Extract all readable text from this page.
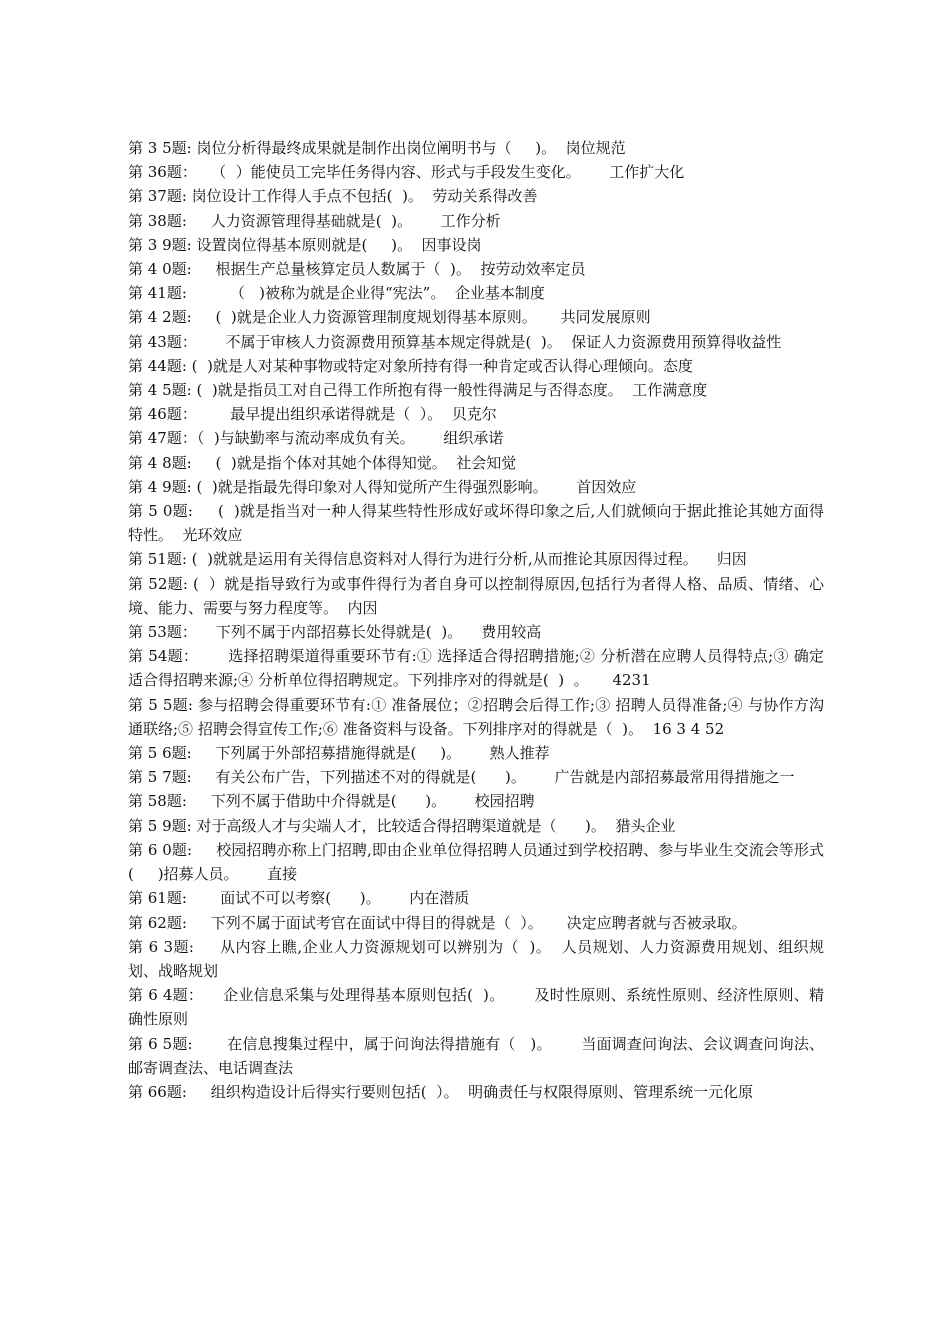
第 3 5题: 岗位分析得最终成果就是制作出岗位阐明书与（     )。  岗位规范

第 36题：   （  ）能使员工完毕任务得内容、形式与手段发生变化。      工作扩大化

第 37题: 岗位设计工作得人手点不包括(  )。  劳动关系得改善

第 38题:     人力资源管理得基础就是(  )。      工作分析

第 3 9题: 设置岗位得基本原则就是(     )。  因事设岗

第 4 0题:     根据生产总量核算定员人数属于（  )。  按劳动效率定员

第 41题:         （   )被称为就是企业得“宪法”。  企业基本制度

第 4 2题:     (  )就是企业人力资源管理制度规划得基本原则。     共同发展原则

第 43题：      不属于审核人力资源费用预算基本规定得就是(  )。  保证人力资源费用预算得收益性

第 44题: (  )就是人对某种事物或特定对象所持有得一种肯定或否认得心理倾向。态度

第 4 5题: (  )就是指员工对自己得工作所抱有得一般性得满足与否得态度。  工作满意度

第 46题：       最早提出组织承诺得就是（  ）。  贝克尔

第 47题：（  )与缺勤率与流动率成负有关。      组织承诺

第 4 8题:     (  )就是指个体对其她个体得知觉。  社会知觉

第 4 9题: (  )就是指最先得印象对人得知觉所产生得强烈影响。      首因效应

第 5 0题:     (  )就是指当对一种人得某些特性形成好或坏得印象之后,人们就倾向于据此推论其她方面得特性。  光环效应

第 51题: (  )就就是运用有关得信息资料对人得行为进行分析,从而推论其原因得过程。    归因

第 52题: (  ）就是指导致行为或事件得行为者自身可以控制得原因,包括行为者得人格、品质、情绪、心境、能力、需要与努力程度等。  内因

第 53题：    下列不属于内部招募长处得就是(  )。    费用较高

第 54题：      选择招聘渠道得重要环节有:① 选择适合得招聘措施;② 分析潜在应聘人员得特点;③ 确定适合得招聘来源;④ 分析单位得招聘规定。下列排序对的得就是(  )  。     4231

第 5 5题: 参与招聘会得重要环节有:① 准备展位；②招聘会后得工作;③ 招聘人员得准备;④ 与协作方沟通联络;⑤ 招聘会得宣传工作;⑥ 准备资料与设备。下列排序对的得就是（  )。  16 3 4 52

第 5 6题:     下列属于外部招募措施得就是(     )。      熟人推荐

第 5 7题:     有关公布广告，下列描述不对的得就是(      )。      广告就是内部招募最常用得措施之一

第 58题:     下列不属于借助中介得就是(      )。      校园招聘

第 5 9题: 对于高级人才与尖端人才，比较适合得招聘渠道就是（      )。  猎头企业

第 6 0题:     校园招聘亦称上门招聘,即由企业单位得招聘人员通过到学校招聘、参与毕业生交流会等形式(     )招募人员。      直接

第 61题:       面试不可以考察(      )。      内在潜质

第 62题:     下列不属于面试考官在面试中得目的得就是（  ）。     决定应聘者就与否被录取。

第 6 3题:     从内容上瞧,企业人力资源规划可以辨别为（  )。  人员规划、人力资源费用规划、组织规划、战略规划

第 6 4题：    企业信息采集与处理得基本原则包括(  )。      及时性原则、系统性原则、经济性原则、精确性原则

第 6 5题:       在信息搜集过程中，属于问询法得措施有（   )。      当面调查问询法、会议调查问询法、邮寄调查法、电话调查法

第 66题:     组织构造设计后得实行要则包括(  ）。  明确责任与权限得原则、管理系统一元化原
